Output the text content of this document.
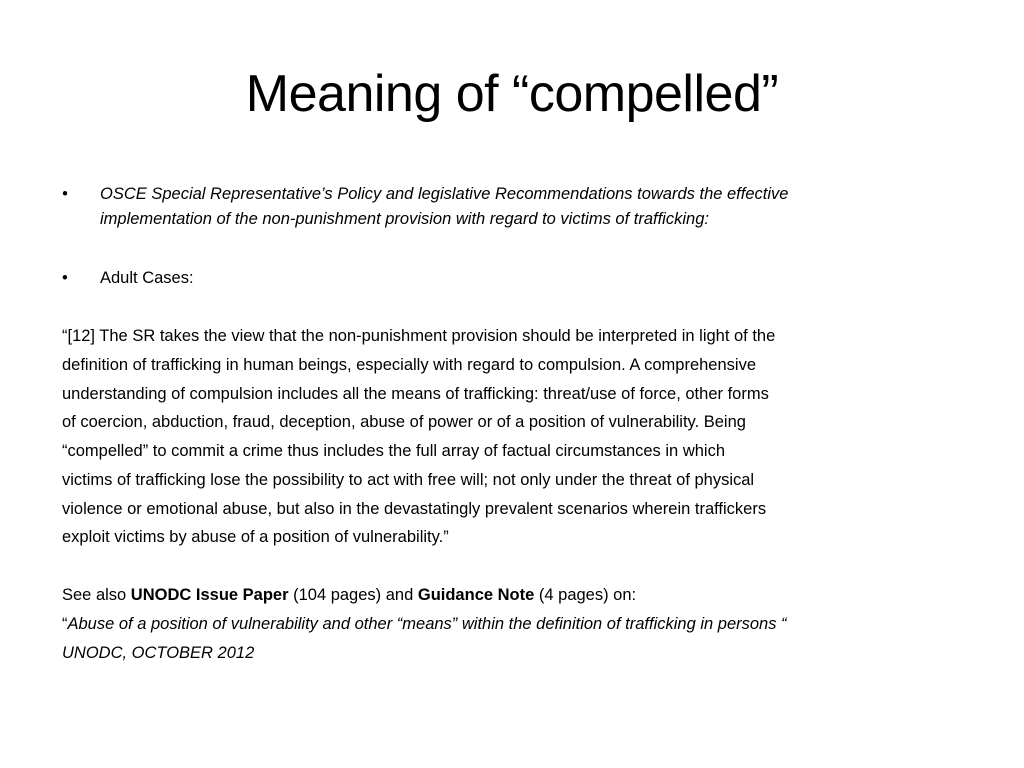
Meaning of “compelled”
• OSCE Special Representative’s Policy and legislative Recommendations towards the effective
implementation of the non-punishment provision with regard to victims of trafficking:
• Adult Cases:
“[12] The SR takes the view that the non-punishment provision should be interpreted in light of the
definition of trafficking in human beings, especially with regard to compulsion. A comprehensive
understanding of compulsion includes all the means of trafficking: threat/use of force, other forms
of coercion, abduction, fraud, deception, abuse of power or of a position of vulnerability. Being
“compelled” to commit a crime thus includes the full array of factual circumstances in which
victims of trafficking lose the possibility to act with free will; not only under the threat of physical
violence or emotional abuse, but also in the devastatingly prevalent scenarios wherein traffickers
exploit victims by abuse of a position of vulnerability.”
See also UNODC Issue Paper (104 pages) and Guidance Note (4 pages) on:
“Abuse of a position of vulnerability and other “means” within the definition of trafficking in persons “
UNODC, OCTOBER 2012
